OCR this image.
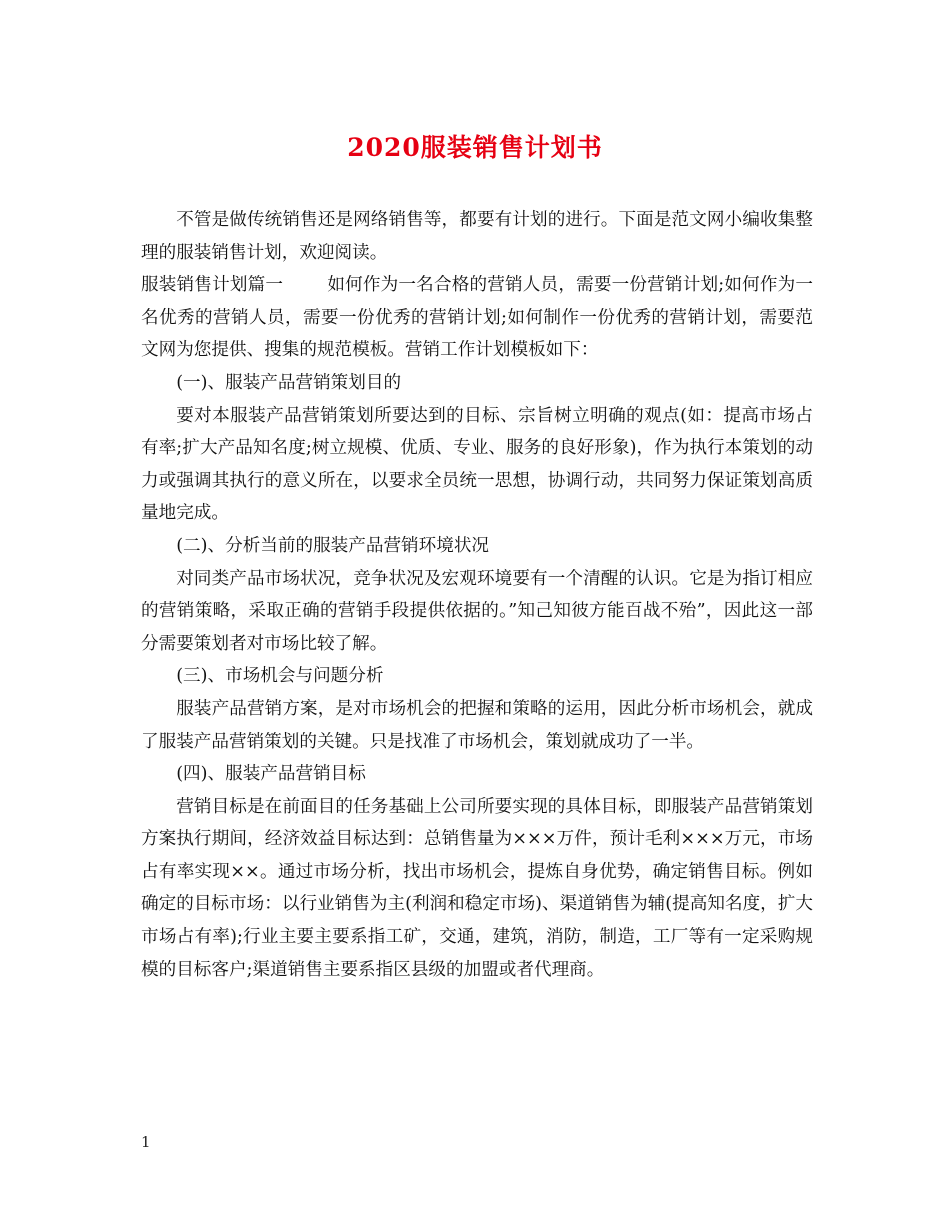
2020服装销售计划书

不管是做传统销售还是网络销售等，都要有计划的进行。下面是范文网小编收集整理的服装销售计划，欢迎阅读。

服装销售计划篇一	如何作为一名合格的营销人员，需要一份营销计划;如何作为一名优秀的营销人员，需要一份优秀的营销计划;如何制作一份优秀的营销计划，需要范文网为您提供、搜集的规范模板。营销工作计划模板如下：

(一)、服装产品营销策划目的

要对本服装产品营销策划所要达到的目标、宗旨树立明确的观点(如：提高市场占有率;扩大产品知名度;树立规模、优质、专业、服务的良好形象)，作为执行本策划的动力或强调其执行的意义所在，以要求全员统一思想，协调行动，共同努力保证策划高质量地完成。

(二)、分析当前的服装产品营销环境状况

对同类产品市场状况，竞争状况及宏观环境要有一个清醒的认识。它是为指订相应的营销策略，采取正确的营销手段提供依据的。”知己知彼方能百战不殆”，因此这一部分需要策划者对市场比较了解。

(三)、市场机会与问题分析

服装产品营销方案，是对市场机会的把握和策略的运用，因此分析市场机会，就成了服装产品营销策划的关键。只是找准了市场机会，策划就成功了一半。

(四)、服装产品营销目标

营销目标是在前面目的任务基础上公司所要实现的具体目标，即服装产品营销策划方案执行期间，经济效益目标达到：总销售量为×××万件，预计毛利×××万元，市场占有率实现××。通过市场分析，找出市场机会，提炼自身优势，确定销售目标。例如确定的目标市场：以行业销售为主(利润和稳定市场)、渠道销售为辅(提高知名度，扩大市场占有率);行业主要主要系指工矿，交通，建筑，消防，制造，工厂等有一定采购规模的目标客户;渠道销售主要系指区县级的加盟或者代理商。

1
